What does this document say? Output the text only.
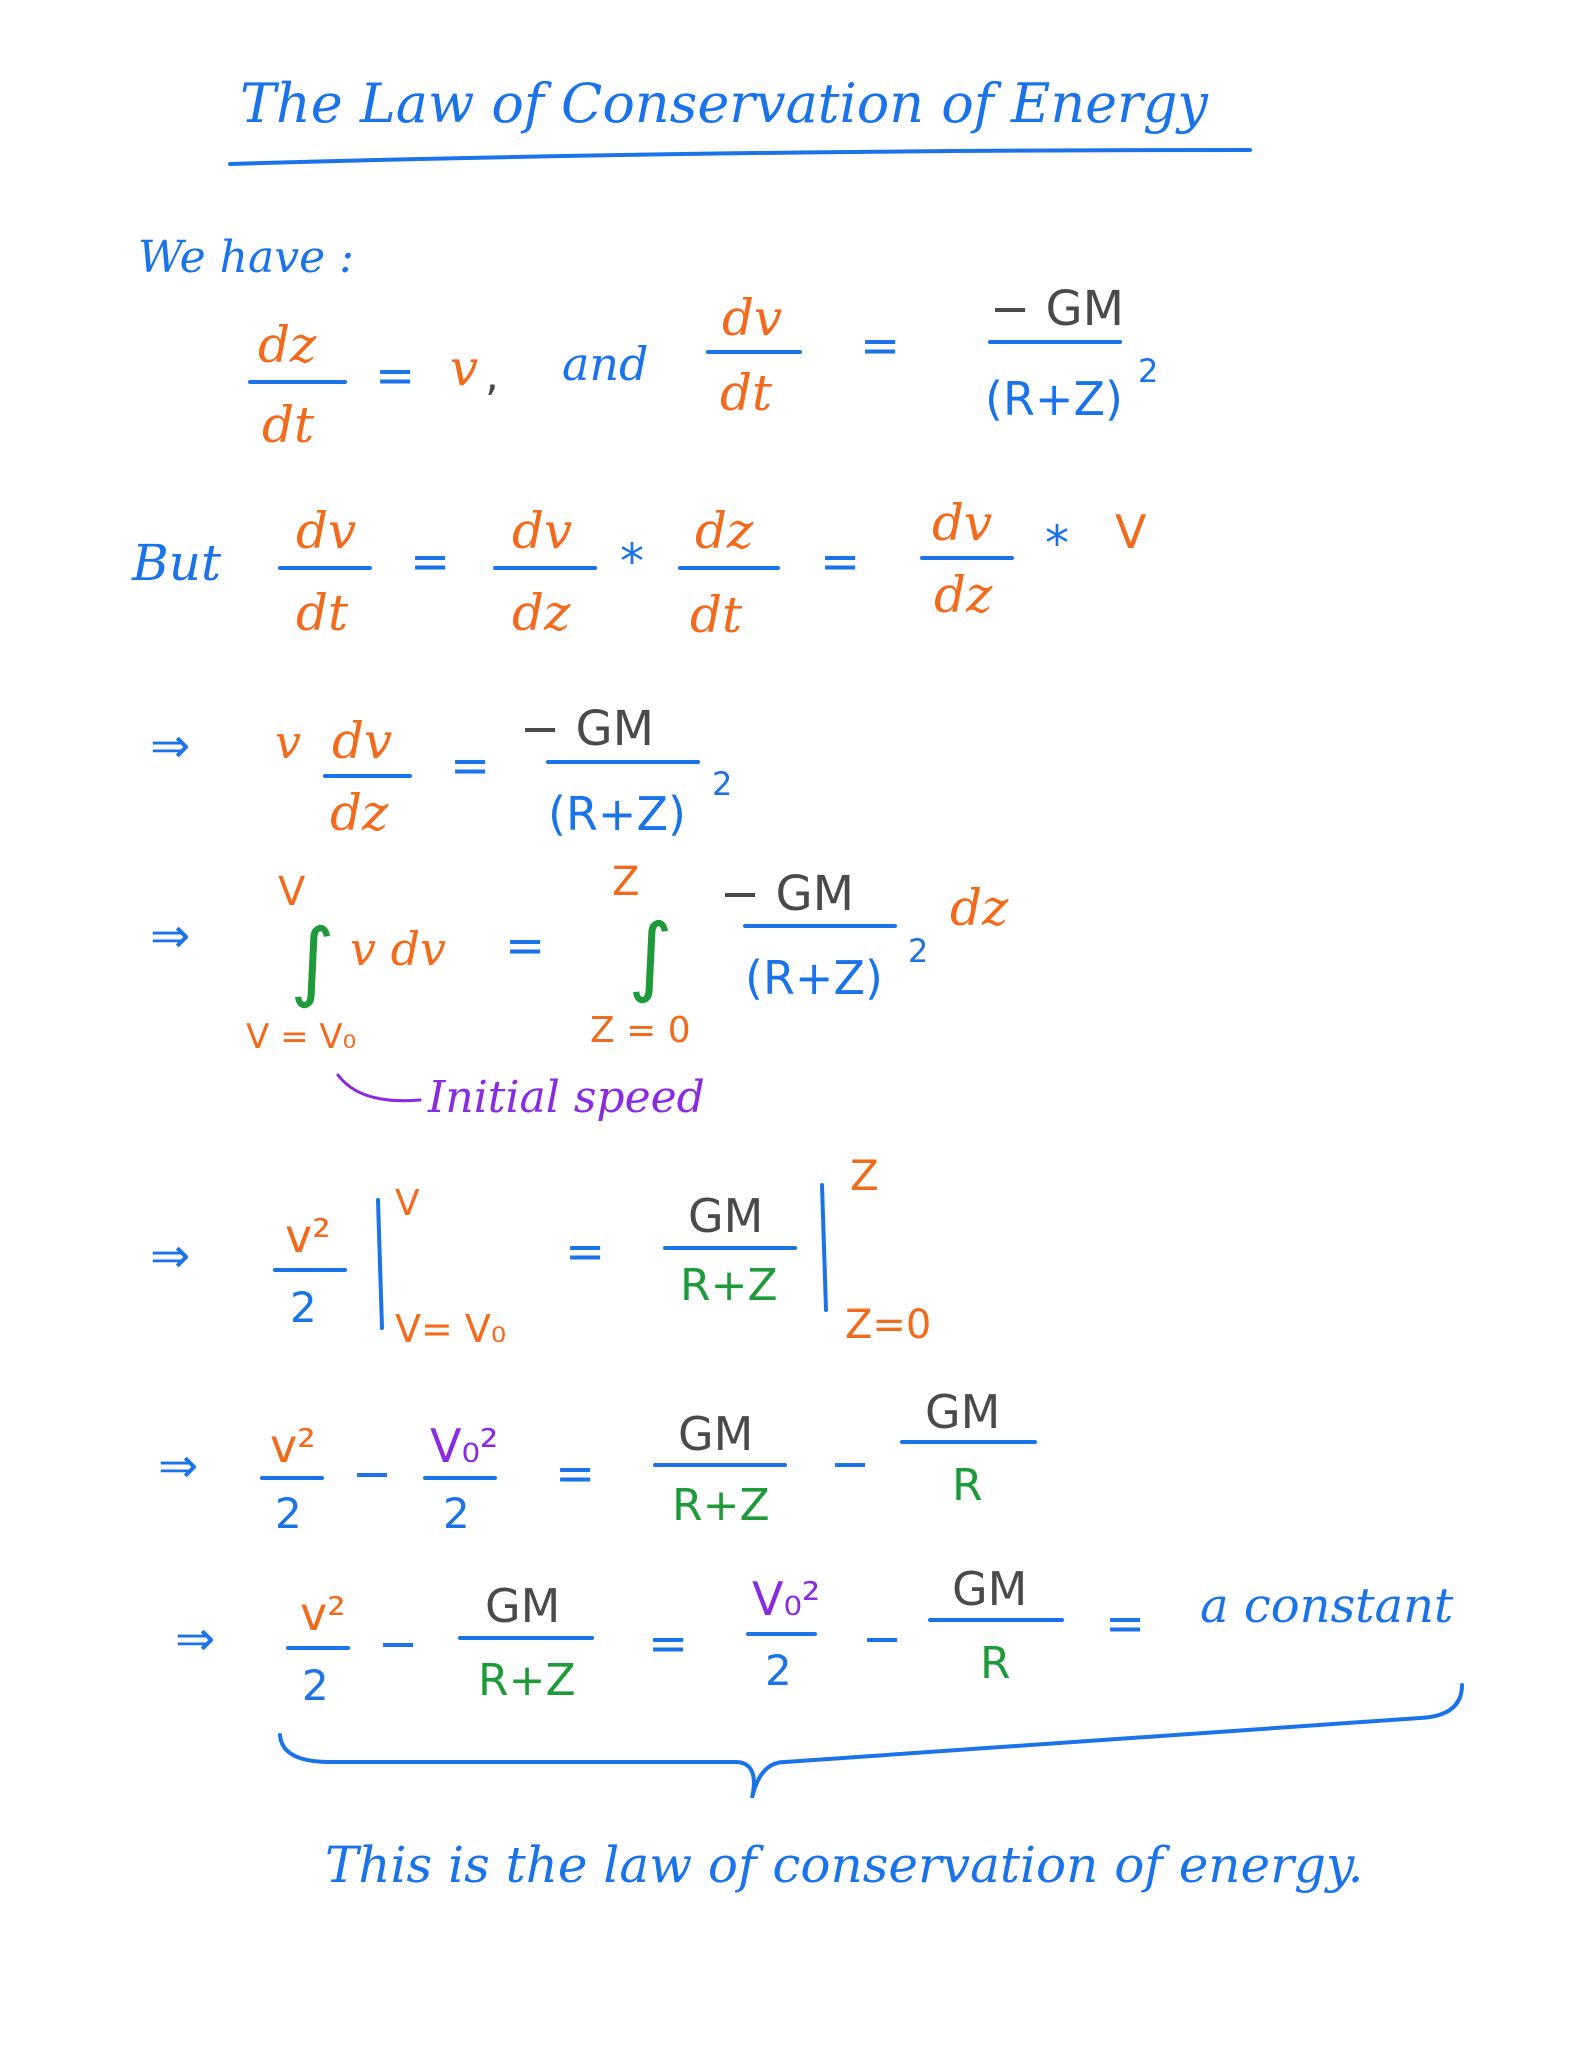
The Law of Conservation of Energy
We have :
dz
dt
= v , and
dv
dt
=
− GM
(R+Z)
2
But
dv
dt
=
dv
dz
*
dz
dt
=
dv
dz
* V
⇒ v dv
dz
=
− GM
(R+Z)
2
⇒
V
∫ v dv
V = V₀
=
Z
∫
Z = 0
− GM
(R+Z) 2
dz
Initial speed
⇒ v²
2
V
V= V₀
=
GM
R+Z
Z
Z=0
⇒ v²
2
− V₀²
2
=
GM
R+Z
−
GM
R
⇒ v²
2
−
GM
R+Z
=
V₀²
2
−
GM
R
= a constant
This is the law of conservation of energy.
